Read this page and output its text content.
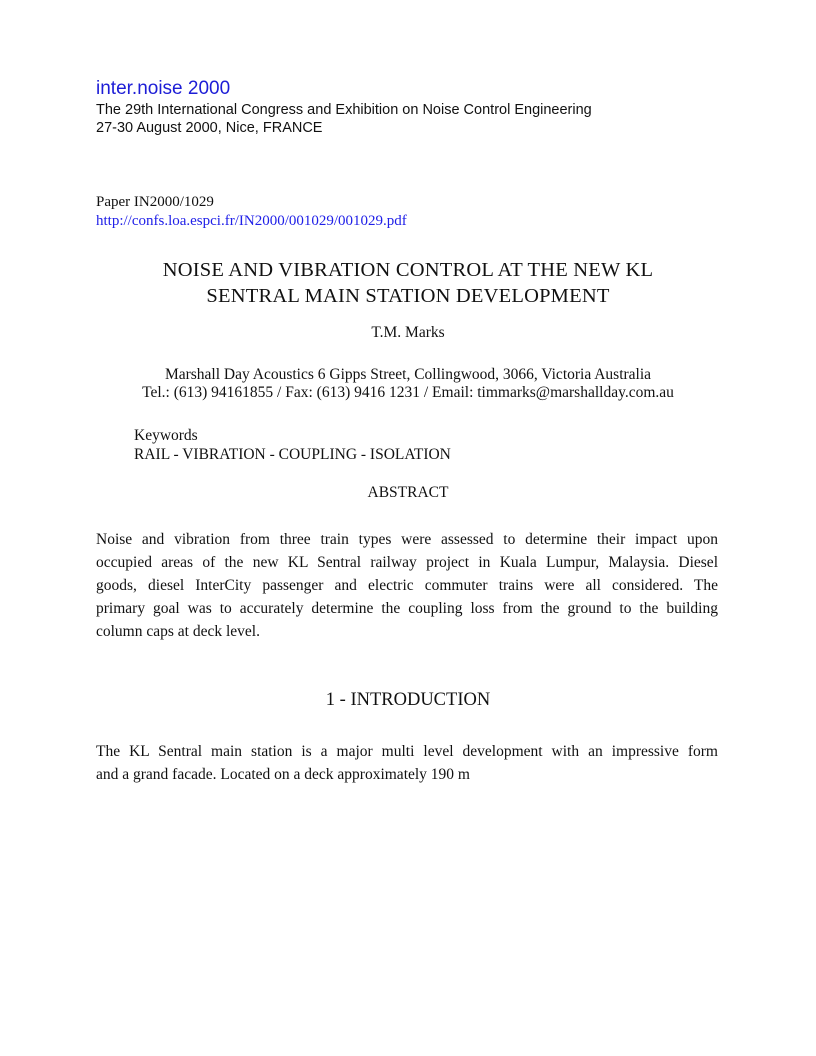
inter.noise 2000
The 29th International Congress and Exhibition on Noise Control Engineering
27-30 August 2000, Nice, FRANCE
Paper IN2000/1029
http://confs.loa.espci.fr/IN2000/001029/001029.pdf
NOISE AND VIBRATION CONTROL AT THE NEW KL
SENTRAL MAIN STATION DEVELOPMENT
T.M. Marks
Marshall Day Acoustics 6 Gipps Street, Collingwood, 3066, Victoria Australia
Tel.: (613) 94161855 / Fax: (613) 9416 1231 / Email: timmarks@marshallday.com.au
Keywords
RAIL - VIBRATION - COUPLING - ISOLATION
ABSTRACT
Noise and vibration from three train types were assessed to determine their impact upon
occupied areas of the new KL Sentral railway project in Kuala Lumpur, Malaysia. Diesel
goods, diesel InterCity passenger and electric commuter trains were all considered. The
primary goal was to accurately determine the coupling loss from the ground to the building
column caps at deck level.
1 - INTRODUCTION
The KL Sentral main station is a major multi level development with an impressive form
and a grand facade. Located on a deck approximately 190 m
